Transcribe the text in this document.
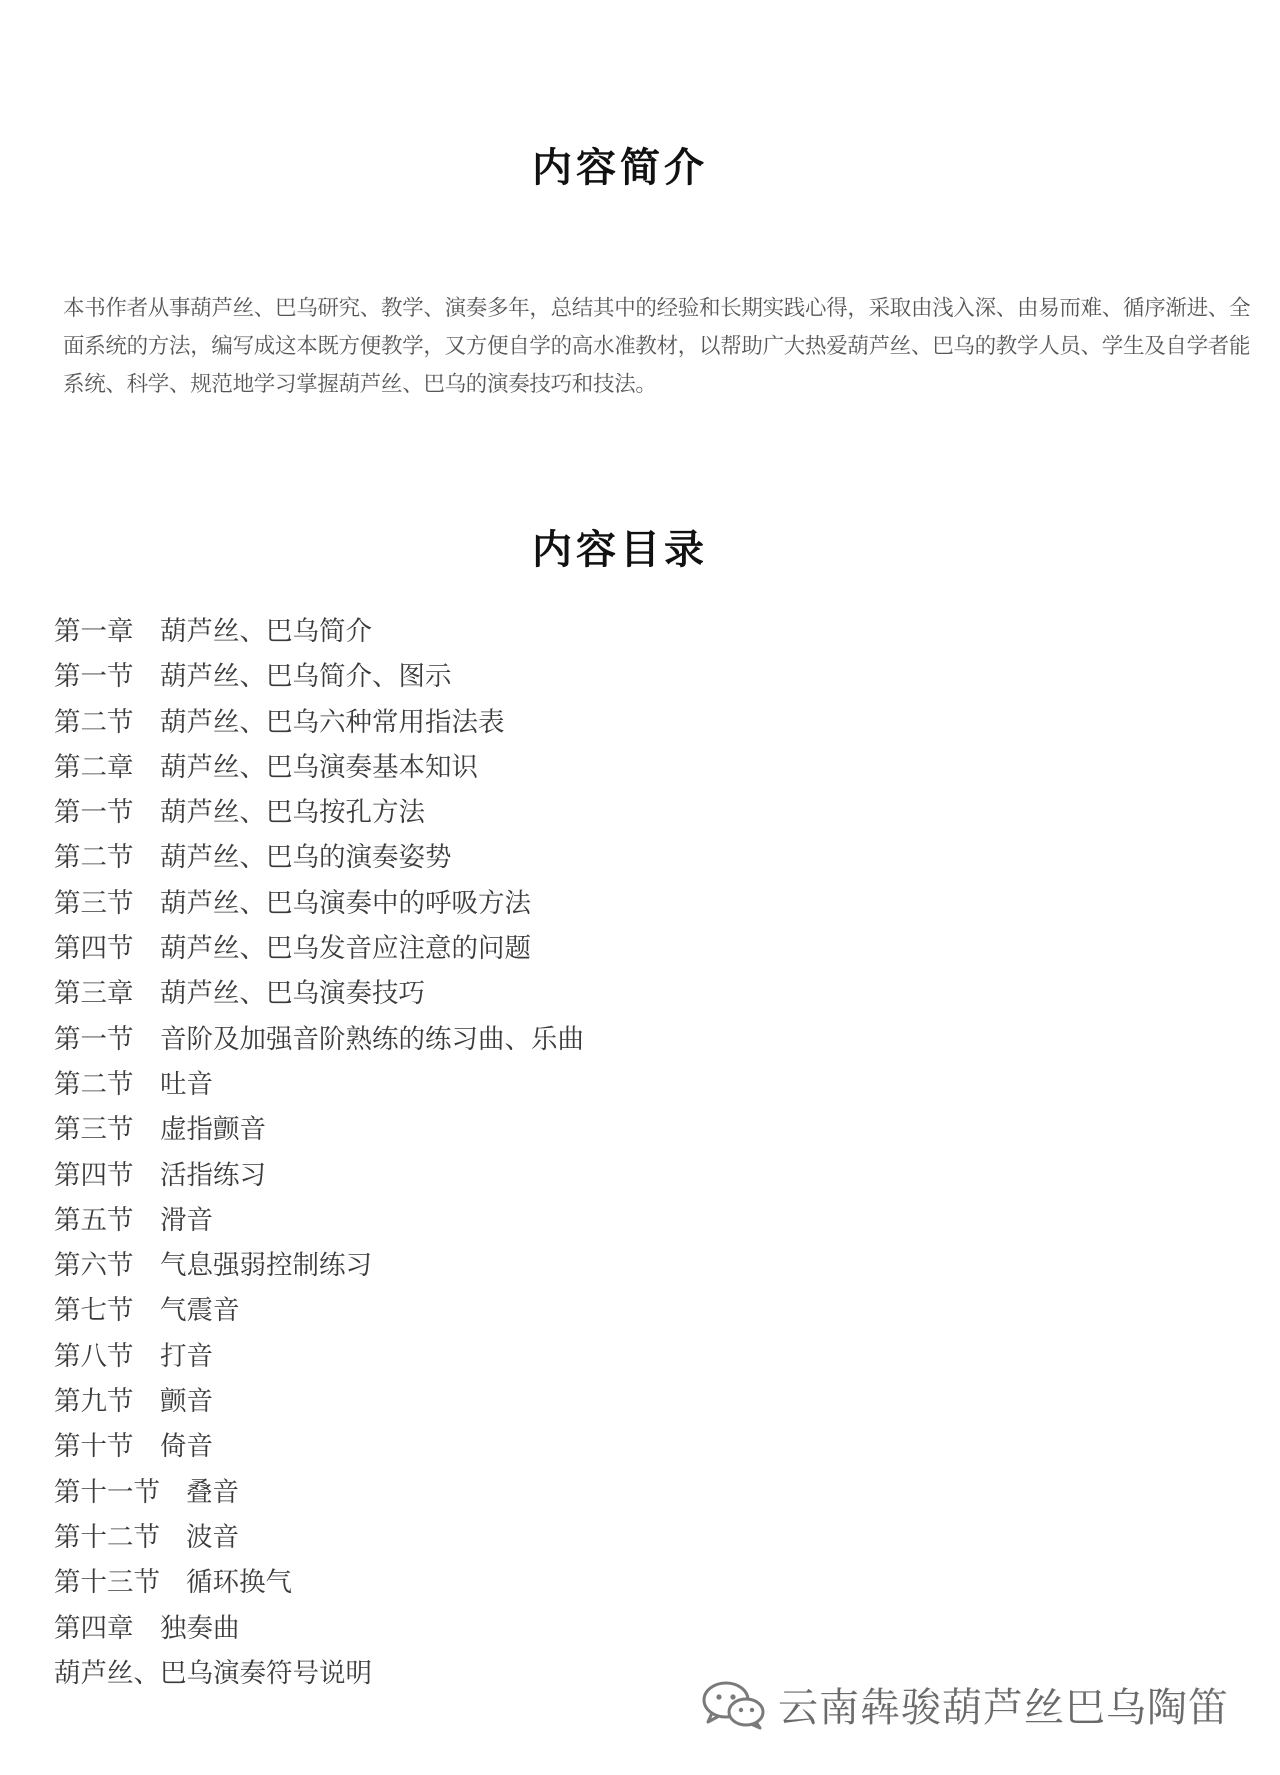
内容简介

本书作者从事葫芦丝、巴乌研究、教学、演奏多年，总结其中的经验和长期实践心得，采取由浅入深、由易而难、循序渐进、全面系统的方法，编写成这本既方便教学，又方便自学的高水准教材，以帮助广大热爱葫芦丝、巴乌的教学人员、学生及自学者能系统、科学、规范地学习掌握葫芦丝、巴乌的演奏技巧和技法。

内容目录
第一章 葫芦丝、巴乌简介
第一节 葫芦丝、巴乌简介、图示
第二节 葫芦丝、巴乌六种常用指法表
第二章 葫芦丝、巴乌演奏基本知识
第一节 葫芦丝、巴乌按孔方法
第二节 葫芦丝、巴乌的演奏姿势
第三节 葫芦丝、巴乌演奏中的呼吸方法
第四节 葫芦丝、巴乌发音应注意的问题
第三章 葫芦丝、巴乌演奏技巧
第一节 音阶及加强音阶熟练的练习曲、乐曲
第二节 吐音
第三节 虚指颤音
第四节 活指练习
第五节 滑音
第六节 气息强弱控制练习
第七节 气震音
第八节 打音
第九节 颤音
第十节 倚音
第十一节 叠音
第十二节 波音
第十三节 循环换气
第四章 独奏曲
葫芦丝、巴乌演奏符号说明
云南犇骏葫芦丝巴乌陶笛
